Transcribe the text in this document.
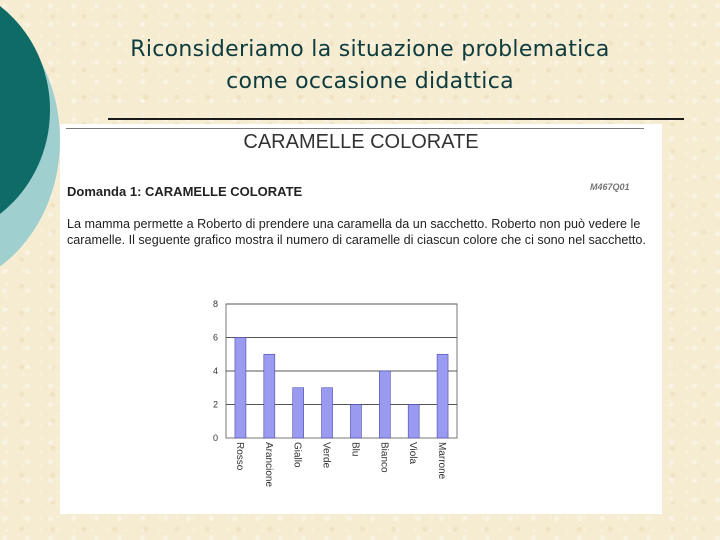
Riconsideriamo la situazione problematica
come occasione didattica
CARAMELLE COLORATE
Domanda 1: CARAMELLE COLORATE	M467Q01
La mamma permette a Roberto di prendere una caramella da un sacchetto. Roberto non può vedere le caramelle. Il seguente grafico mostra il numero di caramelle di ciascun colore che ci sono nel sacchetto.
0
2
4
6
8
Rosso Arancione Giallo Verde Blu Bianco Viola Marrone
